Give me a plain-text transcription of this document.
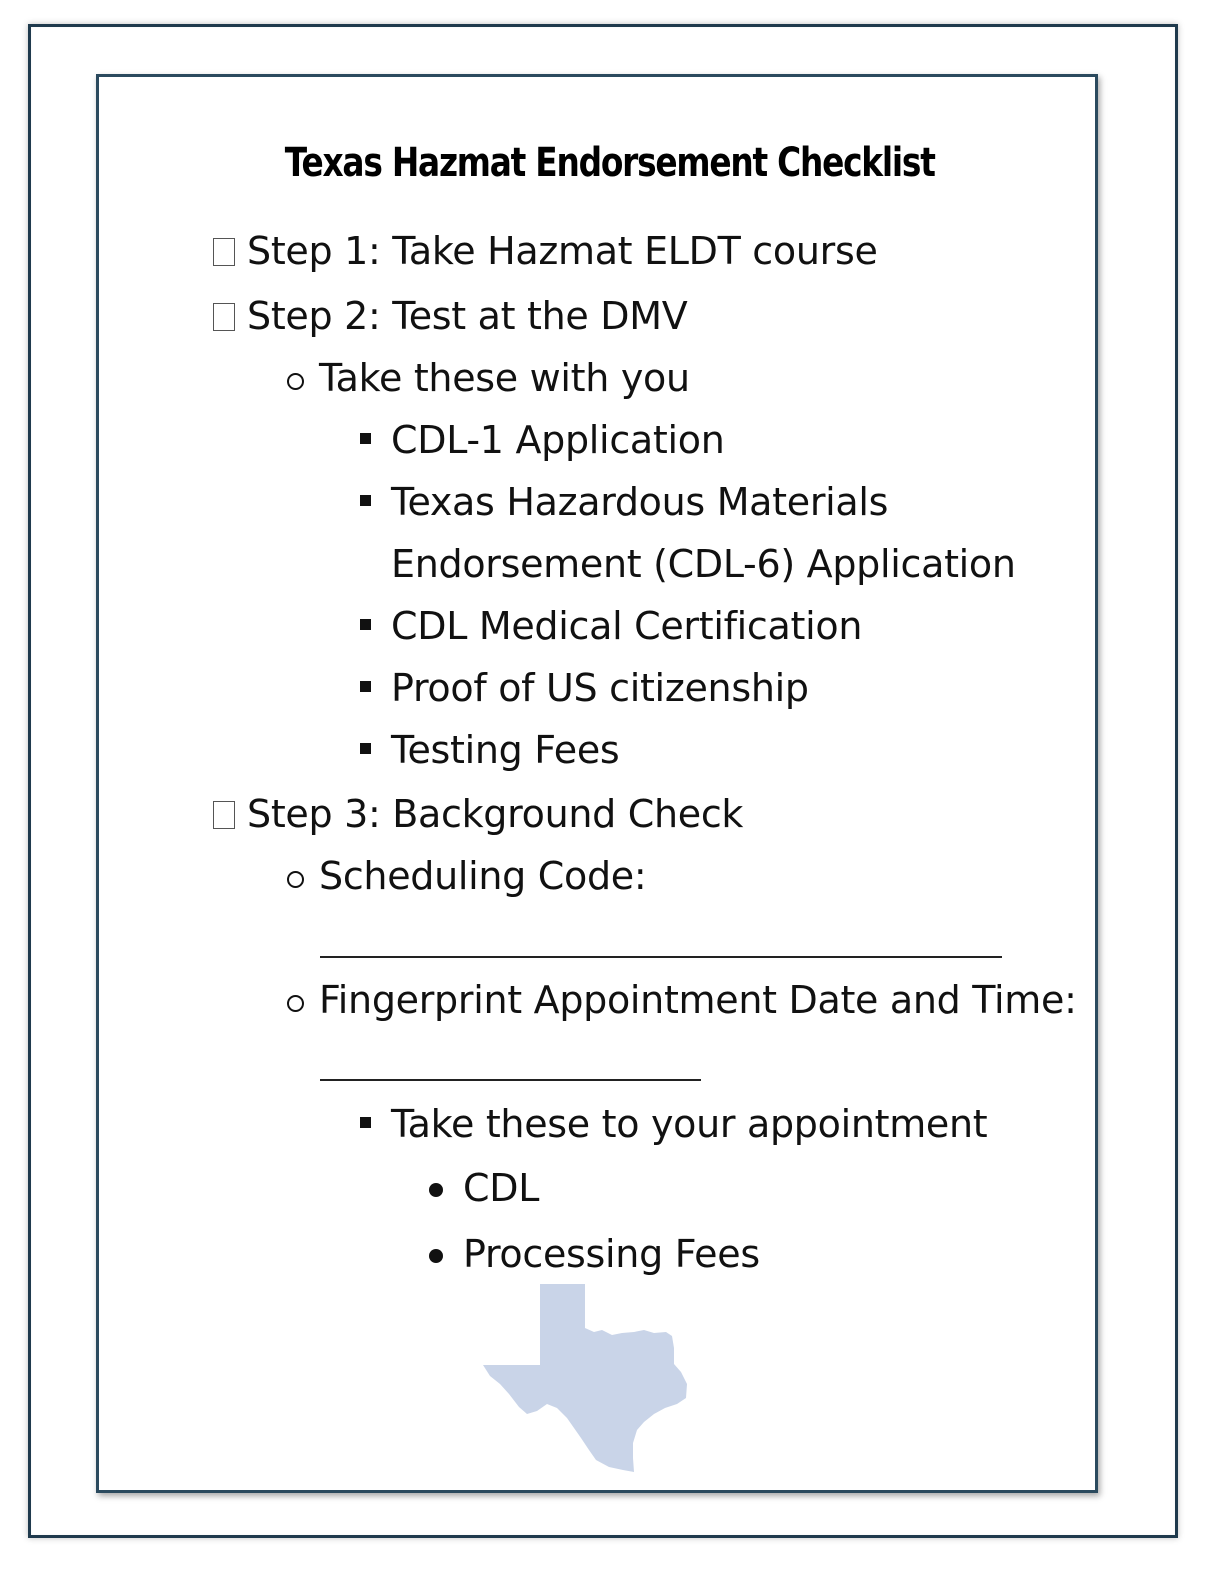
Texas Hazmat Endorsement Checklist
Step 1: Take Hazmat ELDT course
Step 2: Test at the DMV
Take these with you
CDL-1 Application
Texas Hazardous Materials
Endorsement (CDL-6) Application
CDL Medical Certification
Proof of US citizenship
Testing Fees
Step 3: Background Check
Scheduling Code:
Fingerprint Appointment Date and Time:
Take these to your appointment
CDL
Processing Fees
